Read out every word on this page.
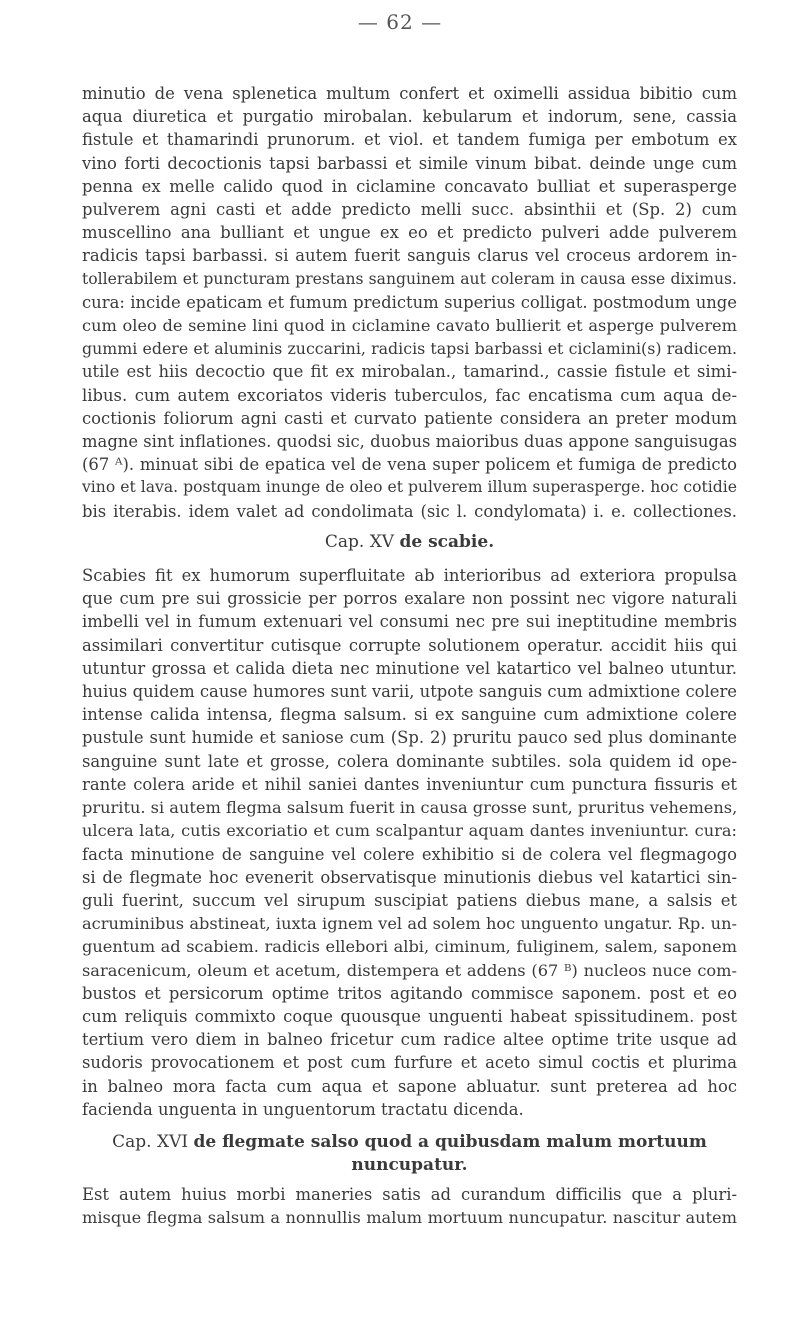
— 62 —
minutio de vena splenetica multum confert et oximelli assidua bibitio cum
aqua diuretica et purgatio mirobalan. kebularum et indorum, sene, cassia
fistule et thamarindi prunorum. et viol. et tandem fumiga per embotum ex
vino forti decoctionis tapsi barbassi et simile vinum bibat. deinde unge cum
penna ex melle calido quod in ciclamine concavato bulliat et superasperge
pulverem agni casti et adde predicto melli succ. absinthii et (Sp. 2) cum
muscellino ana bulliant et ungue ex eo et predicto pulveri adde pulverem
radicis tapsi barbassi. si autem fuerit sanguis clarus vel croceus ardorem in-
tollerabilem et puncturam prestans sanguinem aut coleram in causa esse diximus.
cura: incide epaticam et fumum predictum superius colligat. postmodum unge
cum oleo de semine lini quod in ciclamine cavato bullierit et asperge pulverem
gummi edere et aluminis zuccarini, radicis tapsi barbassi et ciclamini(s) radicem.
utile est hiis decoctio que fit ex mirobalan., tamarind., cassie fistule et simi-
libus. cum autem excoriatos videris tuberculos, fac encatisma cum aqua de-
coctionis foliorum agni casti et curvato patiente considera an preter modum
magne sint inflationes. quodsi sic, duobus maioribus duas appone sanguisugas
(67 ᴬ). minuat sibi de epatica vel de vena super policem et fumiga de predicto
vino et lava. postquam inunge de oleo et pulverem illum superasperge. hoc cotidie
bis iterabis. idem valet ad condolimata (sic l. condylomata) i. e. collectiones.
Cap. XV de scabie.
Scabies fit ex humorum superfluitate ab interioribus ad exteriora propulsa
que cum pre sui grossicie per porros exalare non possint nec vigore naturali
imbelli vel in fumum extenuari vel consumi nec pre sui ineptitudine membris
assimilari convertitur cutisque corrupte solutionem operatur. accidit hiis qui
utuntur grossa et calida dieta nec minutione vel katartico vel balneo utuntur.
huius quidem cause humores sunt varii, utpote sanguis cum admixtione colere
intense calida intensa, flegma salsum. si ex sanguine cum admixtione colere
pustule sunt humide et saniose cum (Sp. 2) pruritu pauco sed plus dominante
sanguine sunt late et grosse, colera dominante subtiles. sola quidem id ope-
rante colera aride et nihil saniei dantes inveniuntur cum punctura fissuris et
pruritu. si autem flegma salsum fuerit in causa grosse sunt, pruritus vehemens,
ulcera lata, cutis excoriatio et cum scalpantur aquam dantes inveniuntur. cura:
facta minutione de sanguine vel colere exhibitio si de colera vel flegmagogo
si de flegmate hoc evenerit observatisque minutionis diebus vel katartici sin-
guli fuerint, succum vel sirupum suscipiat patiens diebus mane, a salsis et
acruminibus abstineat, iuxta ignem vel ad solem hoc unguento ungatur. Rp. un-
guentum ad scabiem. radicis ellebori albi, ciminum, fuliginem, salem, saponem
saracenicum, oleum et acetum, distempera et addens (67 ᴮ) nucleos nuce com-
bustos et persicorum optime tritos agitando commisce saponem. post et eo
cum reliquis commixto coque quousque unguenti habeat spissitudinem. post
tertium vero diem in balneo fricetur cum radice altee optime trite usque ad
sudoris provocationem et post cum furfure et aceto simul coctis et plurima
in balneo mora facta cum aqua et sapone abluatur. sunt preterea ad hoc
facienda unguenta in unguentorum tractatu dicenda.
Cap. XVI de flegmate salso quod a quibusdam malum mortuum
nuncupatur.
Est autem huius morbi maneries satis ad curandum difficilis que a pluri-
misque flegma salsum a nonnullis malum mortuum nuncupatur. nascitur autem
